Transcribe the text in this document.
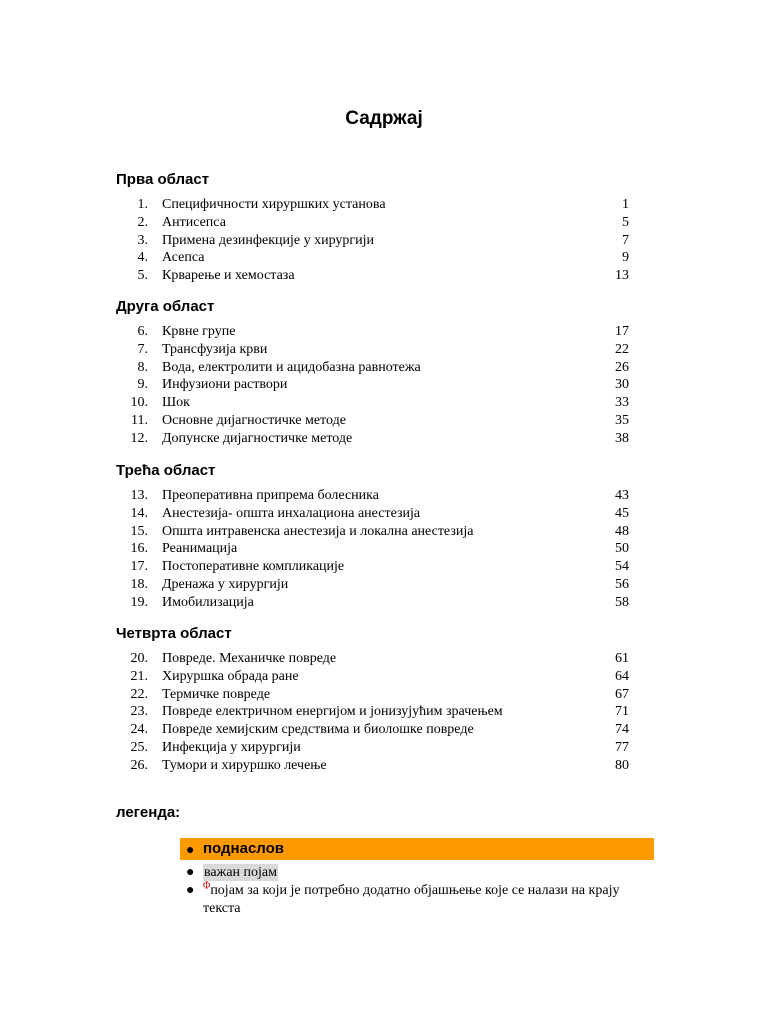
Садржај
Прва област
1. Специфичности хируршких установа	1
2. Антисепса	5
3. Примена дезинфекције у хирургији	7
4. Асепса	9
5. Крварење и хемостаза	13
Друга област
6. Крвне групе	17
7. Трансфузија крви	22
8. Вода, електролити и ацидобазна равнотежа	26
9. Инфузиони раствори	30
10. Шок	33
11. Основне дијагностичке методе	35
12. Допунске дијагностичке методе	38
Трећа област
13. Преоперативна припрема болесника	43
14. Анестезија- општа инхалациона анестезија	45
15. Општа интравенска анестезија и локална анестезија	48
16. Реанимација	50
17. Постоперативне компликације	54
18. Дренажа у хирургији	56
19. Имобилизација	58
Четврта област
20. Повреде. Механичке повреде	61
21. Хируршка обрада ране	64
22. Термичке повреде	67
23. Повреде електричном енергијом и јонизујућим зрачењем	71
24. Повреде хемијским средствима и биолошке повреде	74
25. Инфекција у хирургији	77
26. Тумори и хируршко лечење	80
легенда:
● поднаслов
● важан појам
● $^\Phi$појам за који је потребно додатно објашњење које се налази на крају текста
